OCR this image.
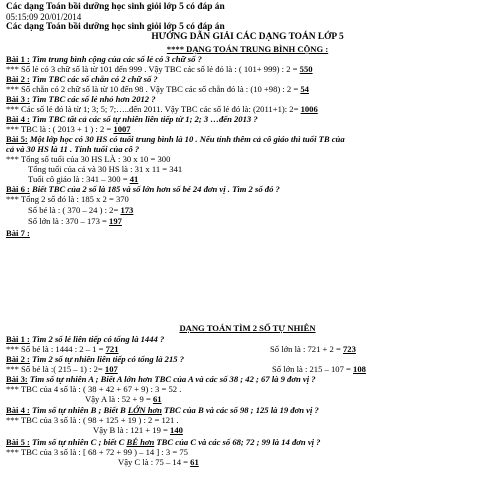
Các dạng Toán bồi dưỡng học sinh giỏi lớp 5 có đáp án
05:15:09 20/01/2014
Các dạng Toán bồi dưỡng học sinh giỏi lớp 5 có đáp án
HƯỚNG DẪN GIẢI CÁC DẠNG TOÁN LỚP 5
**** DẠNG TOÁN TRUNG BÌNH CỘNG :
Bài 1 : Tìm trung bình cộng của các số lẻ có 3 chữ số ?
*** Số lẻ có 3 chữ số là từ 101 đến 999 . Vậy TBC các số lẻ đó là : ( 101+ 999) : 2 = 550
Bài 2 : Tìm TBC các số chẵn có 2 chữ số ?
*** Số chẵn có 2 chữ số là từ 10 đến 98 . Vậy TBC các số chẵn đó là : (10 +98) : 2 = 54
Bài 3 : Tìm TBC các số lẻ nhỏ hơn 2012 ?
*** Các số lẻ đó là từ 1; 3; 5; 7;…..đến 2011. Vậy TBC các số lẻ đó là: (2011+1): 2= 1006
Bài 4 : Tìm TBC tất cả các số tự nhiên liên tiếp từ 1; 2; 3 …đến 2013 ?
*** TBC là : ( 2013 + 1 ) : 2 = 1007
Bài 5: Một lớp học có 30 HS có tuổi trung bình là 10 . Nếu tính thêm cả cô giáo thì tuổi TB của
cả và 30 HS là 11 . Tính tuổi của cô ?
*** Tổng số tuổi của 30 HS LÀ : 30 x 10 = 300
Tổng tuổi của cả và 30 HS là : 31 x 11 = 341
Tuổi cô giáo là : 341 – 300 = 41
Bài 6 : Biết TBC của 2 số là 185 và số lớn hơn số bé 24 đơn vị . Tìm 2 số đó ?
*** Tổng 2 số đó là : 185 x 2 = 370
Số bé là : ( 370 – 24 ) : 2= 173
Số lớn là : 370 – 173 = 197
Bài 7 :
DẠNG TOÁN TÌM 2 SỐ TỰ NHIÊN
Bài 1 : Tìm 2 số lẻ liên tiếp có tổng là 1444 ?
*** Số bé là : 1444 : 2 – 1 = 721	Số lớn là : 721 + 2 = 723
Bài 2 : Tìm 2 số tự nhiên liên tiếp có tổng là 215 ?
*** Số bé là :( 215 – 1) : 2= 107	Số lớn là : 215 – 107 = 108
Bài 3: Tìm số tự nhiên A ; Biết A lớn hơn TBC của A và các số 38 ; 42 ; 67 là 9 đơn vị ?
*** TBC của 4 số là : ( 38 + 42 + 67 + 9) : 3 = 52 .
Vậy A là : 52 + 9 = 61
Bài 4 : Tìm số tự nhiên B ; Biết B LỚN hơn TBC của B và các số 98 ; 125 là 19 đơn vị ?
*** TBC của 3 số là : ( 98 + 125 + 19 ) : 2 = 121 .
Vậy B là : 121 + 19 = 140
Bài 5 : Tìm số tự nhiên C ; biết C BÉ hơn TBC của C và các số 68; 72 ; 99 là 14 đơn vị ?
*** TBC của 3 số là : [ 68 + 72 + 99 ) – 14 ] : 3 = 75
Vậy C là : 75 – 14 = 61
